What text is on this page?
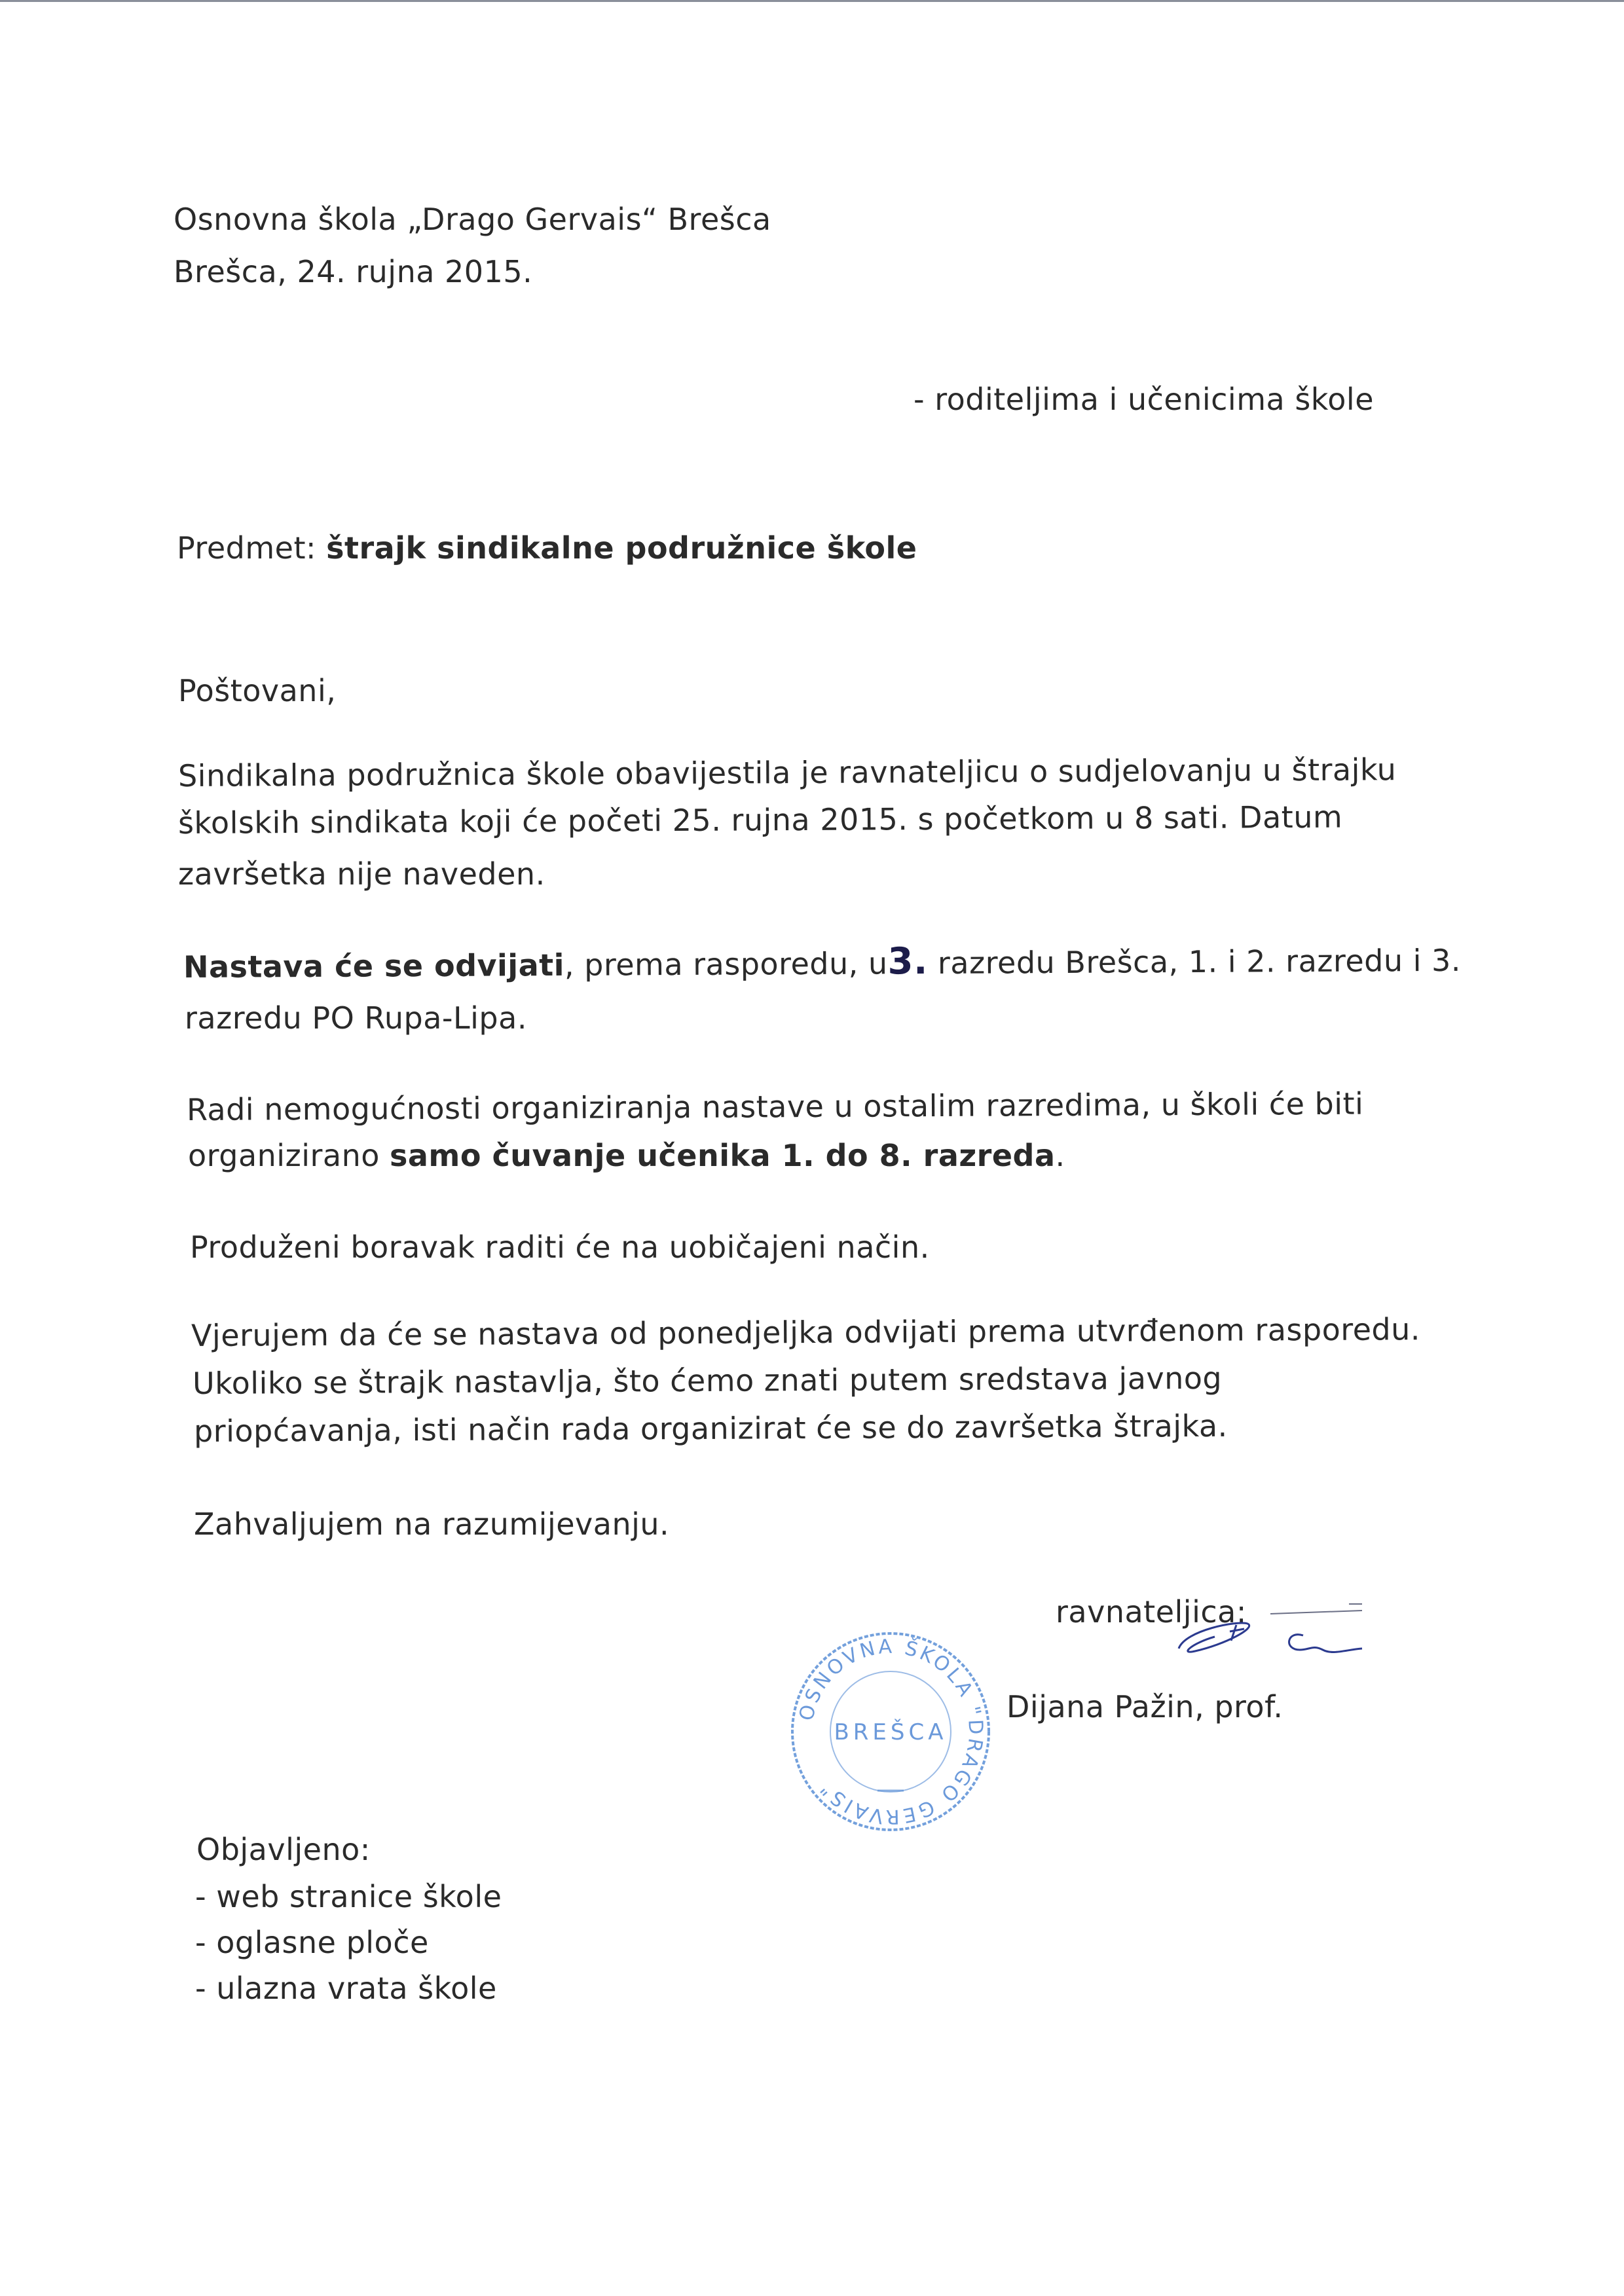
Osnovna škola „Drago Gervais“ Brešca
Brešca, 24. rujna 2015.
- roditeljima i učenicima škole
Predmet: štrajk sindikalne podružnice škole
Poštovani,
Sindikalna podružnica škole obavijestila je ravnateljicu o sudjelovanju u štrajku
školskih sindikata koji će početi 25. rujna 2015. s početkom u 8 sati. Datum
završetka nije naveden.
Nastava će se odvijati, prema rasporedu, u3. razredu Brešca, 1. i 2. razredu i 3.
razredu PO Rupa-Lipa.
Radi nemogućnosti organiziranja nastave u ostalim razredima, u školi će biti
organizirano samo čuvanje učenika 1. do 8. razreda.
Produženi boravak raditi će na uobičajeni način.
Vjerujem da će se nastava od ponedjeljka odvijati prema utvrđenom rasporedu.
Ukoliko se štrajk nastavlja, što ćemo znati putem sredstava javnog
priopćavanja, isti način rada organizirat će se do završetka štrajka.
Zahvaljujem na razumijevanju.
ravnateljica:
Dijana Pažin, prof.
OSNOVNA ŠKOLA "DRAGO GERVAIS"
BREŠCA
Objavljeno:
- web stranice škole
- oglasne ploče
- ulazna vrata škole
